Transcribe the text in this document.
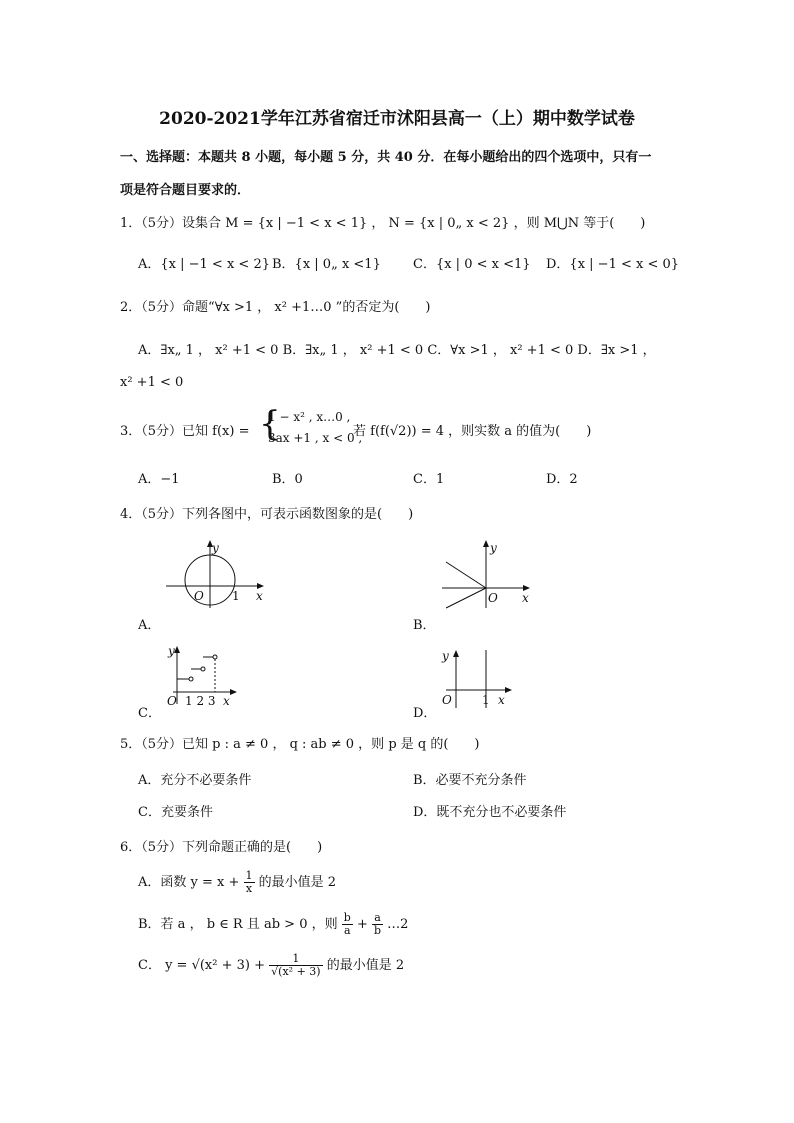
2020-2021学年江苏省宿迁市沭阳县高一（上）期中数学试卷
一、选择题：本题共 8 小题，每小题 5 分，共 40 分．在每小题给出的四个选项中，只有一
项是符合题目要求的．
1．（5分）设集合 M = {x | −1 < x < 1} ， N = {x | 0„ x < 2} ，则 M⋃N 等于(　　)
A．{x | −1 < x < 2} B．{x | 0„ x <1} C．{x | 0 < x <1} D．{x | −1 < x < 0}
2．（5分）命题“∀x >1 ， x² +1…0 ”的否定为(　　)
A．∃x„ 1 ， x² +1 < 0 B．∃x„ 1 ， x² +1 < 0 C．∀x >1 ， x² +1 < 0 D．∃x >1 ，
x² +1 < 0
3．（5分）已知 f(x) = {
1 − x² , x…0 ,
3ax +1 , x < 0 ,
若 f(f(√2)) = 4 ，则实数 a 的值为(　　)
A．−1	B．0	C．1	D．2
4．（5分）下列各图中，可表示函数图象的是(　　)
y
O 1 x
A．
y
O x
B．
y
O 1 2 3 x
C．
y
O	1 x
D．
5．（5分）已知 p : a ≠ 0 ， q : ab ≠ 0 ，则 p 是 q 的(　　)
A．充分不必要条件	B．必要不充分条件
C．充要条件	D．既不充分也不必要条件
6．（5分）下列命题正确的是(　　)
A．函数 $y = x + \frac{1}{x}$ 的最小值是 2
B．若 a ， b ∈ R 且 ab > 0 ，则 $\frac{b}{a} + \frac{a}{b}$ …2
C． $y = √(x^2 + 3) + \frac{1}{\text{√(x² + 3)}}$ 的最小值是 2
